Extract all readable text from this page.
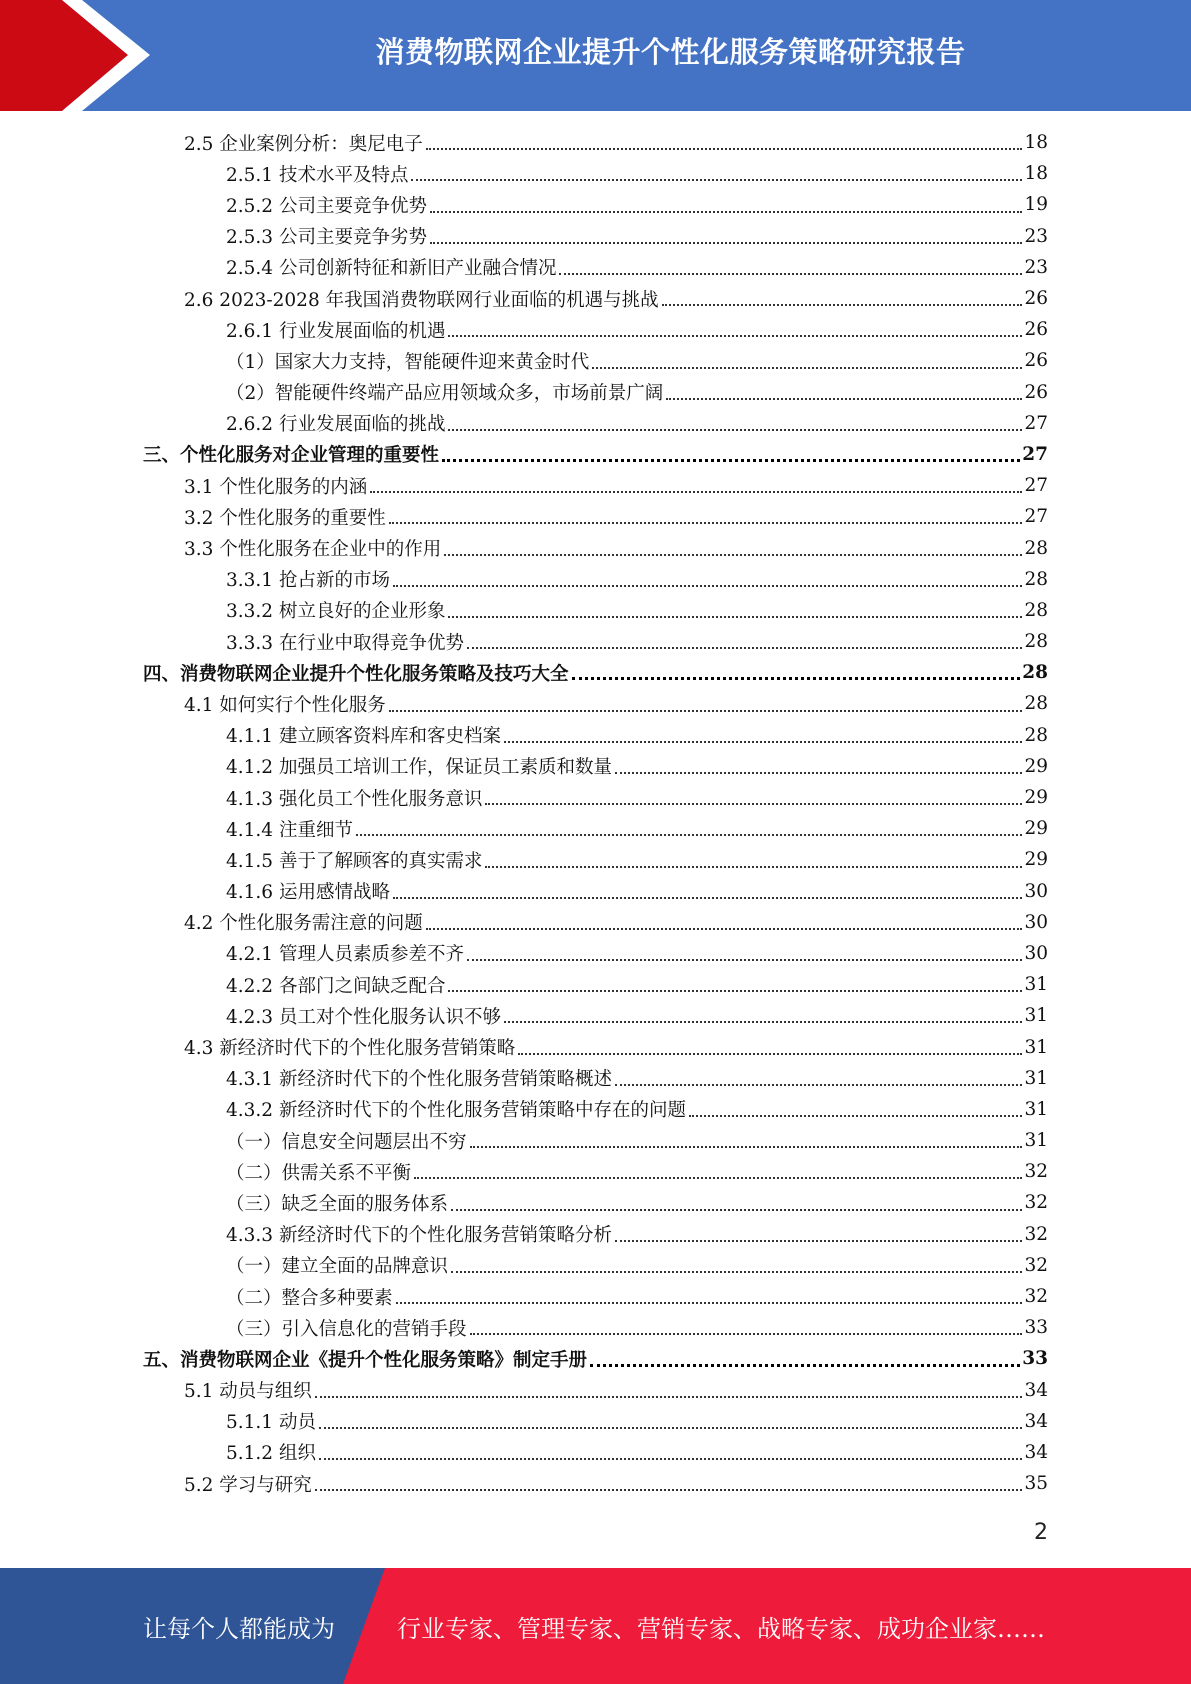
消费物联网企业提升个性化服务策略研究报告
2.5 企业案例分析：奥尼电子	18
2.5.1 技术水平及特点	18
2.5.2 公司主要竞争优势	19
2.5.3 公司主要竞争劣势	23
2.5.4 公司创新特征和新旧产业融合情况	23
2.6 2023-2028 年我国消费物联网行业面临的机遇与挑战	26
2.6.1 行业发展面临的机遇	26
（1）国家大力支持，智能硬件迎来黄金时代	26
（2）智能硬件终端产品应用领域众多，市场前景广阔	26
2.6.2 行业发展面临的挑战	27
三、个性化服务对企业管理的重要性	27
3.1 个性化服务的内涵	27
3.2 个性化服务的重要性	27
3.3 个性化服务在企业中的作用	28
3.3.1 抢占新的市场	28
3.3.2 树立良好的企业形象	28
3.3.3 在行业中取得竞争优势	28
四、消费物联网企业提升个性化服务策略及技巧大全	28
4.1 如何实行个性化服务	28
4.1.1 建立顾客资料库和客史档案	28
4.1.2 加强员工培训工作，保证员工素质和数量	29
4.1.3 强化员工个性化服务意识	29
4.1.4 注重细节	29
4.1.5 善于了解顾客的真实需求	29
4.1.6 运用感情战略	30
4.2 个性化服务需注意的问题	30
4.2.1 管理人员素质参差不齐	30
4.2.2 各部门之间缺乏配合	31
4.2.3 员工对个性化服务认识不够	31
4.3 新经济时代下的个性化服务营销策略	31
4.3.1 新经济时代下的个性化服务营销策略概述	31
4.3.2 新经济时代下的个性化服务营销策略中存在的问题	31
（一）信息安全问题层出不穷	31
（二）供需关系不平衡	32
（三）缺乏全面的服务体系	32
4.3.3 新经济时代下的个性化服务营销策略分析	32
（一）建立全面的品牌意识	32
（二）整合多种要素	32
（三）引入信息化的营销手段	33
五、消费物联网企业《提升个性化服务策略》制定手册	33
5.1 动员与组织	34
5.1.1 动员	34
5.1.2 组织	34
5.2 学习与研究	35
2
让每个人都能成为	行业专家、管理专家、营销专家、战略专家、成功企业家……
